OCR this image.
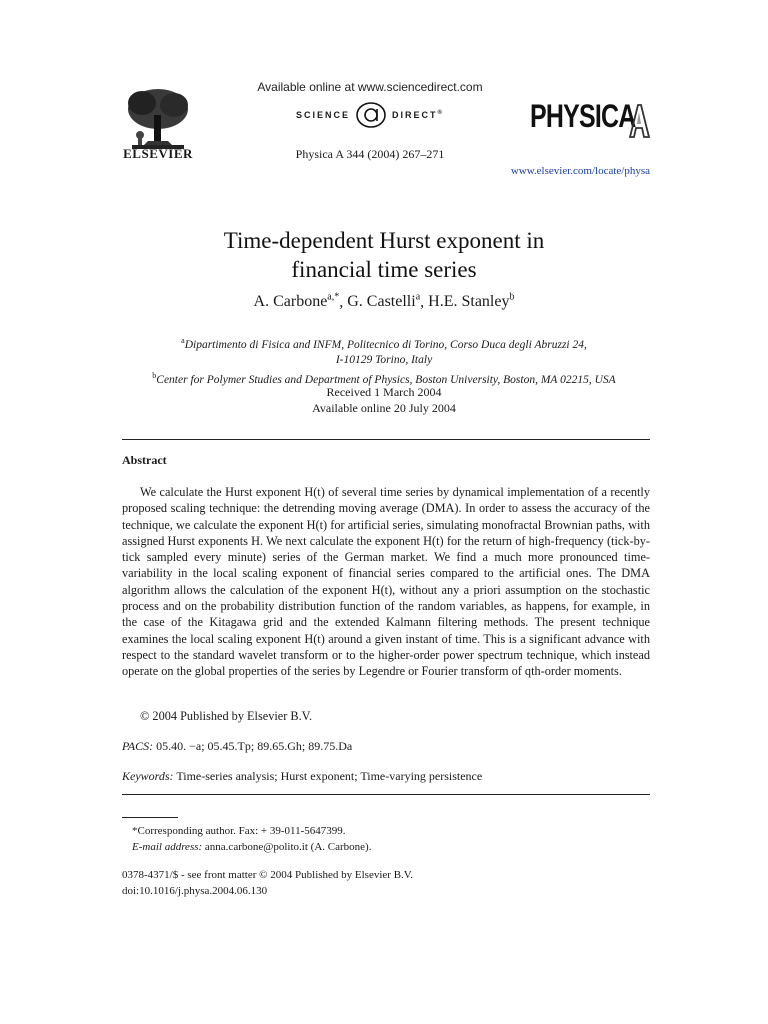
ELSEVIER
Available online at www.sciencedirect.com
SCIENCE	DIRECT®
Physica A 344 (2004) 267–271
PHYSICA
www.elsevier.com/locate/physa
Time-dependent Hurst exponent in
financial time series
A. Carbone$^{a,*}$, G. Castelli$^a$, H.E. Stanley$^b$
$^a$Dipartimento di Fisica and INFM, Politecnico di Torino, Corso Duca degli Abruzzi 24,
I-10129 Torino, Italy
$^b$Center for Polymer Studies and Department of Physics, Boston University, Boston, MA 02215, USA
Received 1 March 2004
Available online 20 July 2004
Abstract
We calculate the Hurst exponent H(t) of several time series by dynamical implementation of a recently proposed scaling technique: the detrending moving average (DMA). In order to assess the accuracy of the technique, we calculate the exponent H(t) for artificial series, simulating monofractal Brownian paths, with assigned Hurst exponents H. We next calculate the exponent H(t) for the return of high-frequency (tick-by-tick sampled every minute) series of the German market. We find a much more pronounced time-variability in the local scaling exponent of financial series compared to the artificial ones. The DMA algorithm allows the calculation of the exponent H(t), without any a priori assumption on the stochastic process and on the probability distribution function of the random variables, as happens, for example, in the case of the Kitagawa grid and the extended Kalmann filtering methods. The present technique examines the local scaling exponent H(t) around a given instant of time. This is a significant advance with respect to the standard wavelet transform or to the higher-order power spectrum technique, which instead operate on the global properties of the series by Legendre or Fourier transform of qth-order moments.
© 2004 Published by Elsevier B.V.
PACS: 05.40. −a; 05.45.Tp; 89.65.Gh; 89.75.Da
Keywords: Time-series analysis; Hurst exponent; Time-varying persistence
*Corresponding author. Fax: + 39-011-5647399.
E-mail address: anna.carbone@polito.it (A. Carbone).
0378-4371/$ - see front matter © 2004 Published by Elsevier B.V.
doi:10.1016/j.physa.2004.06.130
